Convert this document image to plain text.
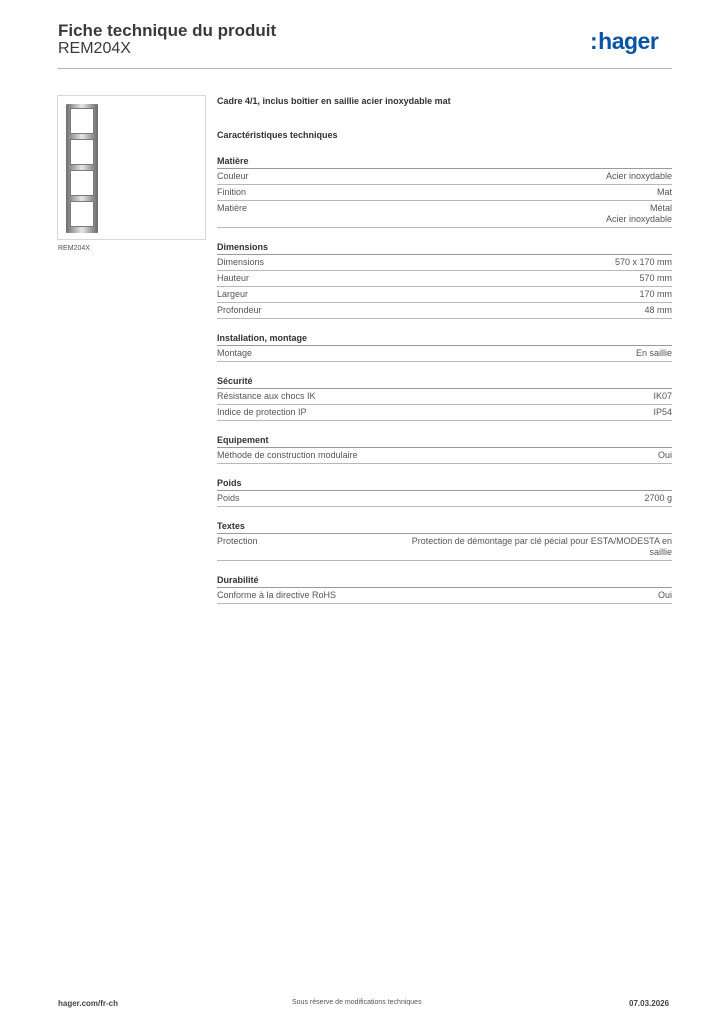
Fiche technique du produit
REM204X	:hager
REM204X
Cadre 4/1, inclus boîtier en saillie acier inoxydable mat
Caractéristiques techniques
Matière
Couleur	Acier inoxydable
Finition	Mat
Matière	Métal
Acier inoxydable
Dimensions
Dimensions	570 x 170 mm
Hauteur	570 mm
Largeur	170 mm
Profondeur	48 mm
Installation, montage
Montage	En saillie
Sécurité
Résistance aux chocs IK	IK07
Indice de protection IP	IP54
Equipement
Méthode de construction modulaire	Oui
Poids
Poids	2700 g
Textes
Protection	Protection de démontage par clé pécial pour ESTA/MODESTA en
saillie
Durabilité
Conforme à la directive RoHS	Oui
hager.com/fr-ch	Sous réserve de modifications techniques	07.03.2026
